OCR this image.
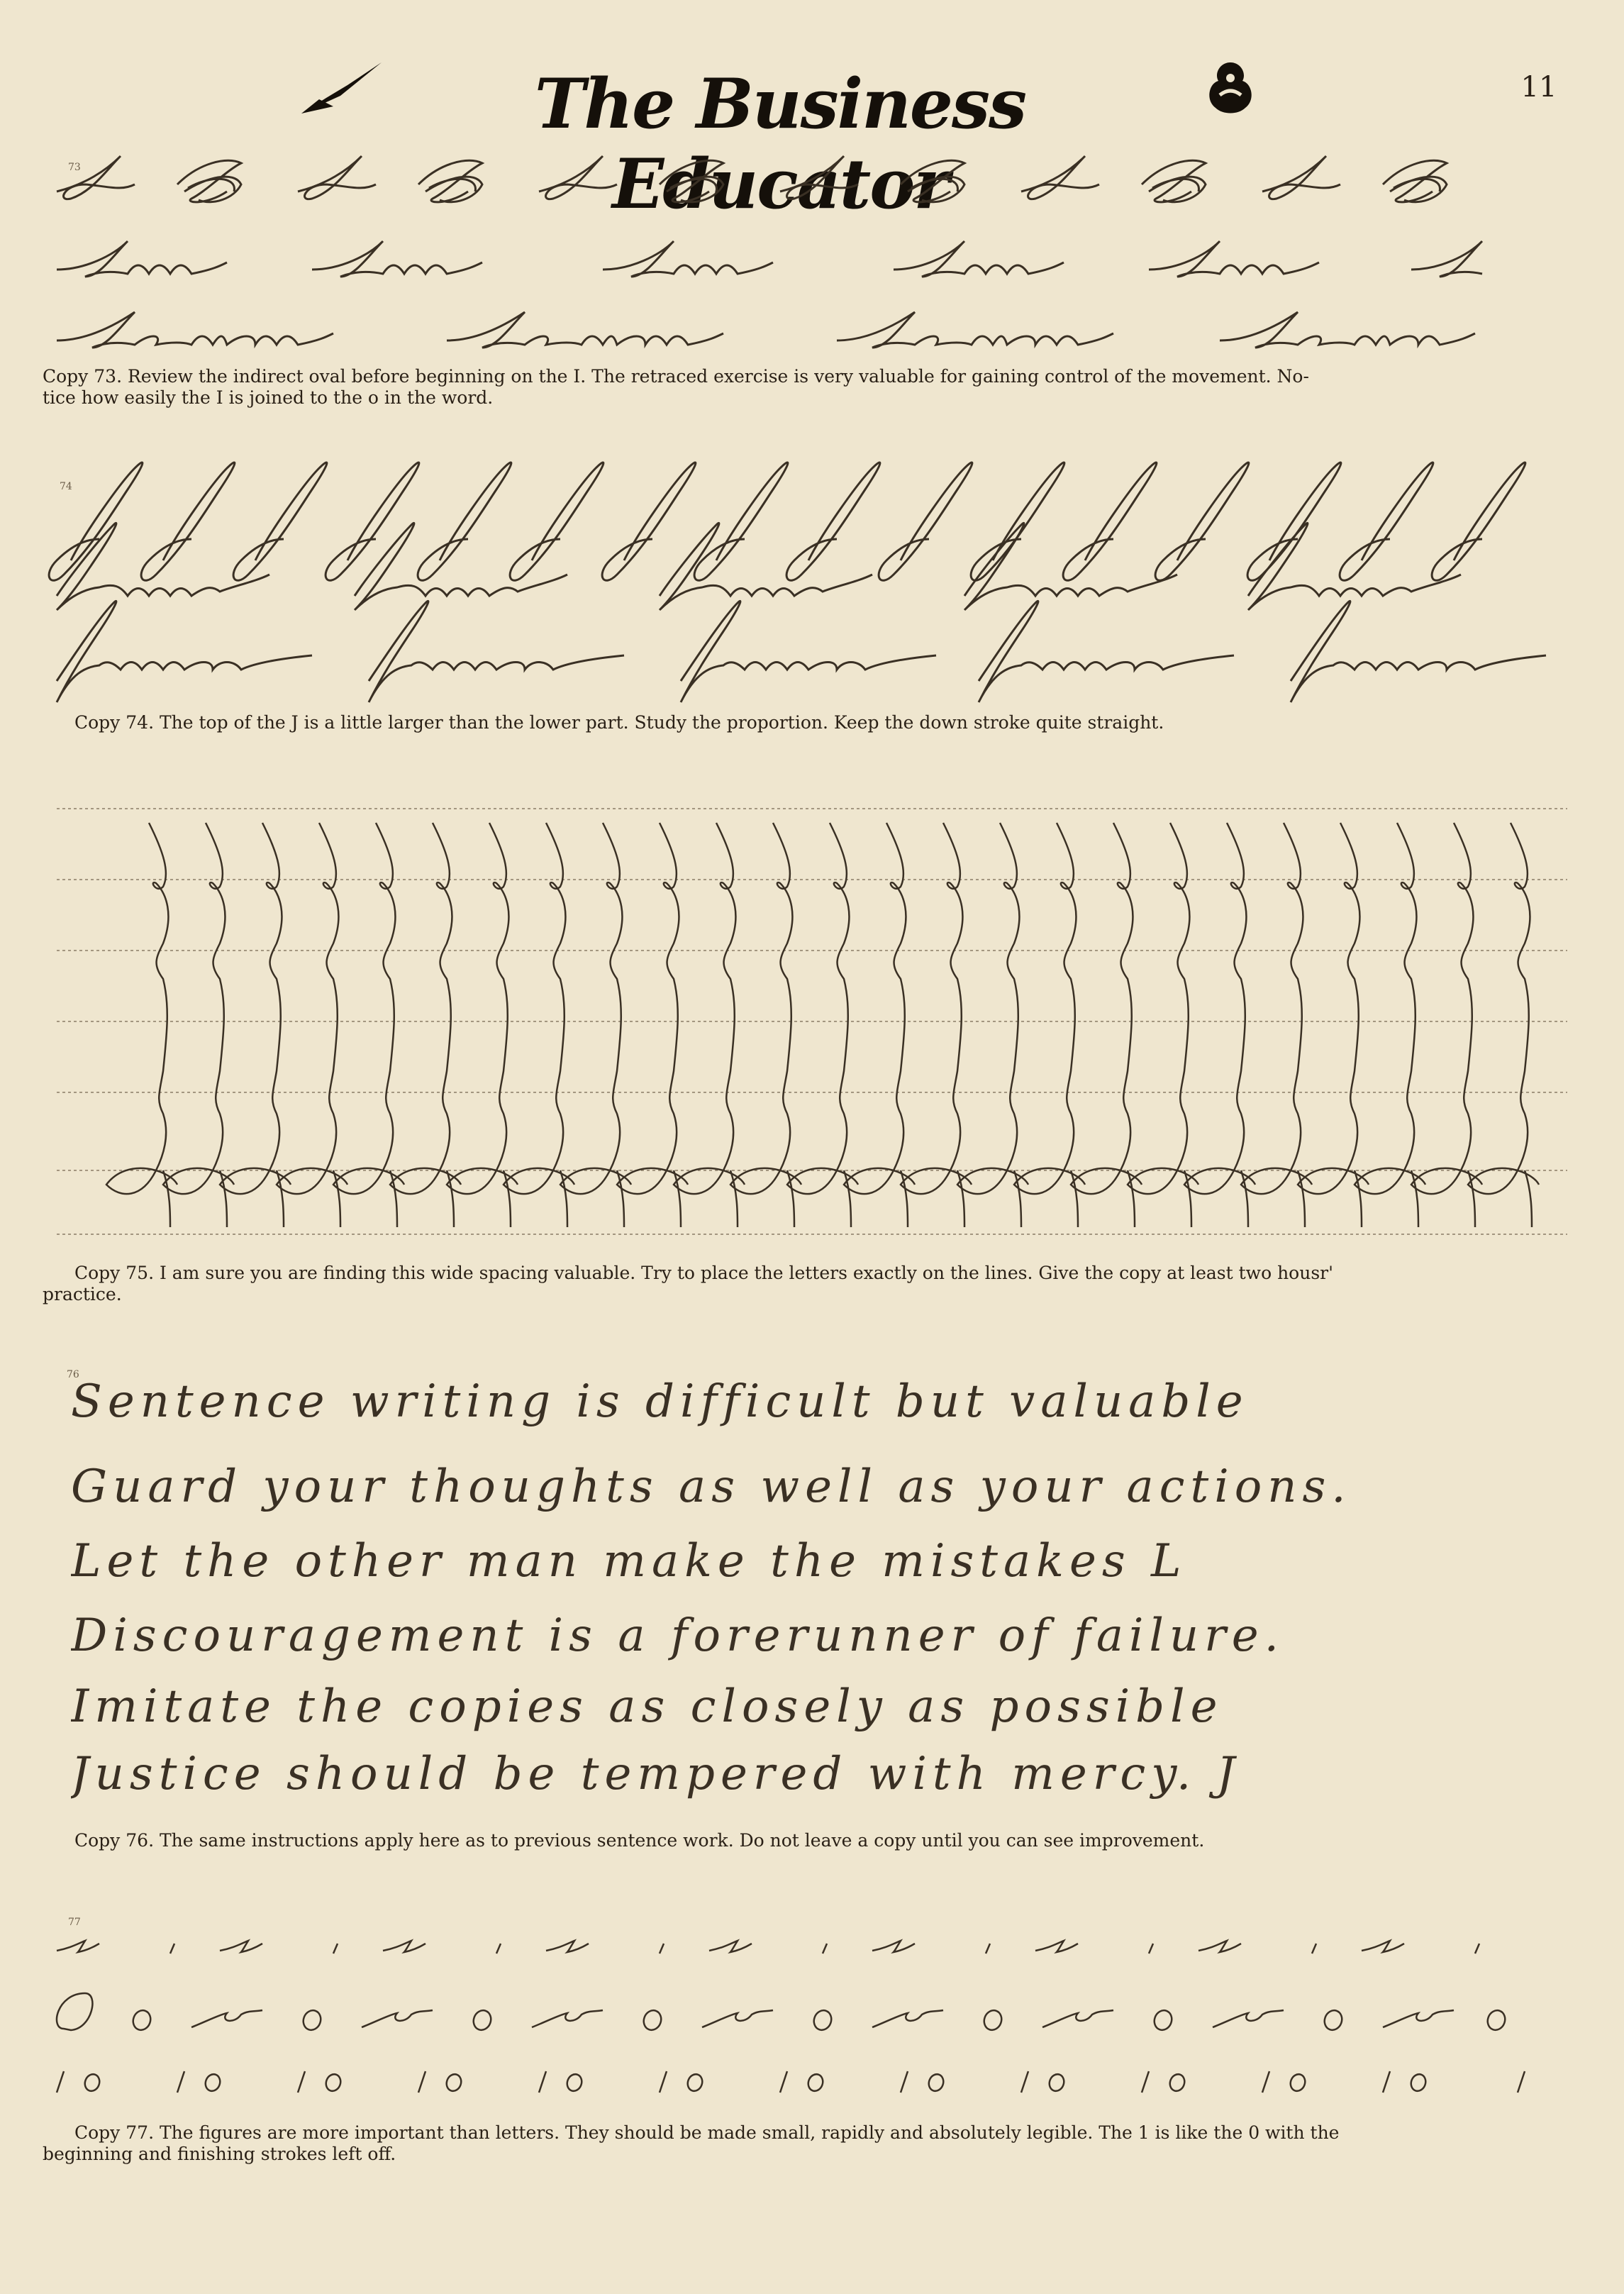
The Business Educator
11
73

Copy 73. Review the indirect oval before beginning on the I. The retraced exercise is very valuable for gaining control of the movement. No-
tice how easily the I is joined to the o in the word.

74

Copy 74. The top of the J is a little larger than the lower part. Study the proportion. Keep the down stroke quite straight.

Copy 75. I am sure you are finding this wide spacing valuable. Try to place the letters exactly on the lines. Give the copy at least two housr'
practice.

76
Sentence writing is difficult but valuable
Guard your thoughts as well as your actions.
Let the other man make the mistakes L
Discouragement is a forerunner of failure.
Imitate the copies as closely as possible
Justice should be tempered with mercy. J

Copy 76. The same instructions apply here as to previous sentence work. Do not leave a copy until you can see improvement.

77

Copy 77. The figures are more important than letters. They should be made small, rapidly and absolutely legible. The 1 is like the 0 with the
beginning and finishing strokes left off.
